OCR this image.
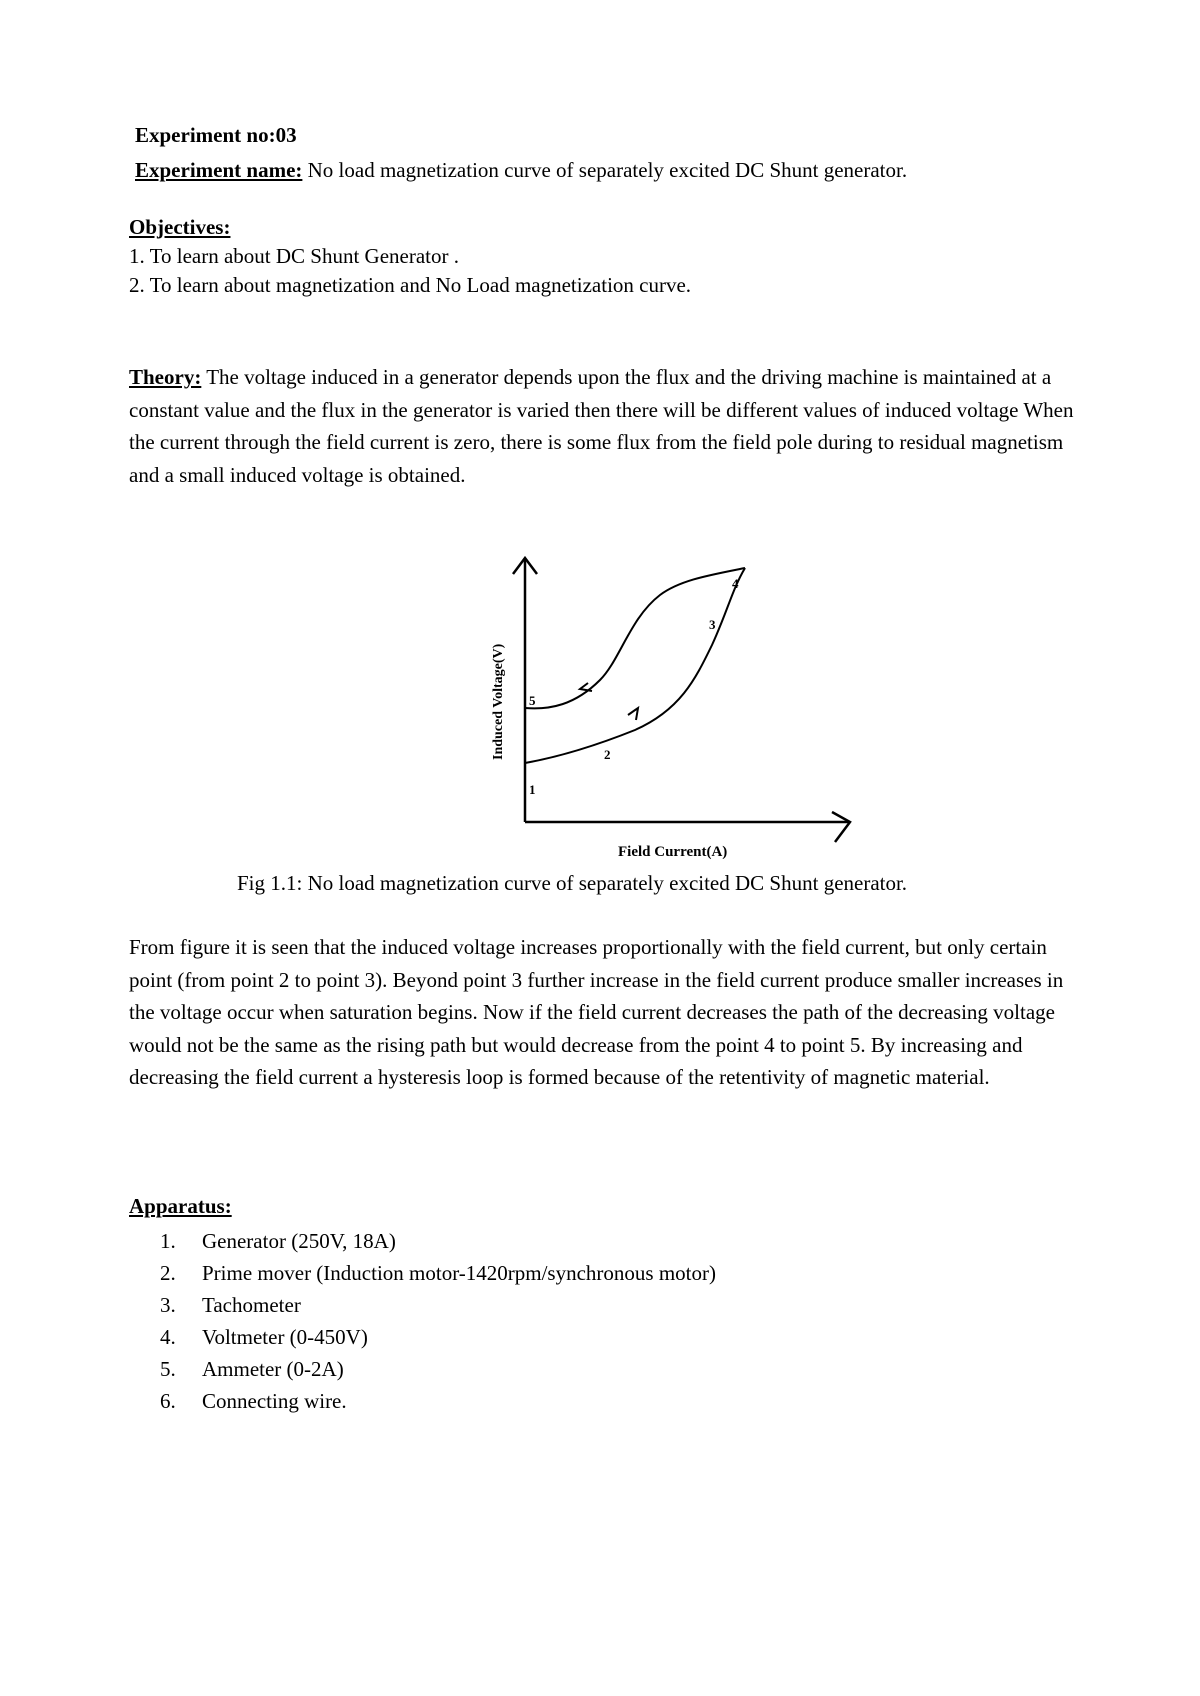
Experiment no:03
Experiment name: No load magnetization curve of separately excited DC Shunt generator.
Objectives:
1. To learn about DC Shunt Generator .
2. To learn about magnetization and No Load magnetization curve.

Theory: The voltage induced in a generator depends upon the flux and the driving machine is maintained at a constant value and the flux in the generator is varied then there will be different values of induced voltage When the current through the field current is zero, there is some flux from the field pole during to residual magnetism and a small induced voltage is obtained.

1
2
3
4
5
Induced Voltage(V)
Field Current(A)
Fig 1.1: No load magnetization curve of separately excited DC Shunt generator.

From figure it is seen that the induced voltage increases proportionally with the field current, but only certain point (from point 2 to point 3). Beyond point 3 further increase in the field current produce smaller increases in the voltage occur when saturation begins. Now if the field current decreases the path of the decreasing voltage would not be the same as the rising path but would decrease from the point 4 to point 5. By increasing and decreasing the field current a hysteresis loop is formed because of the retentivity of magnetic material.

Apparatus:
1. Generator (250V, 18A)
2. Prime mover (Induction motor-1420rpm/synchronous motor)
3. Tachometer
4. Voltmeter (0-450V)
5. Ammeter (0-2A)
6. Connecting wire.
